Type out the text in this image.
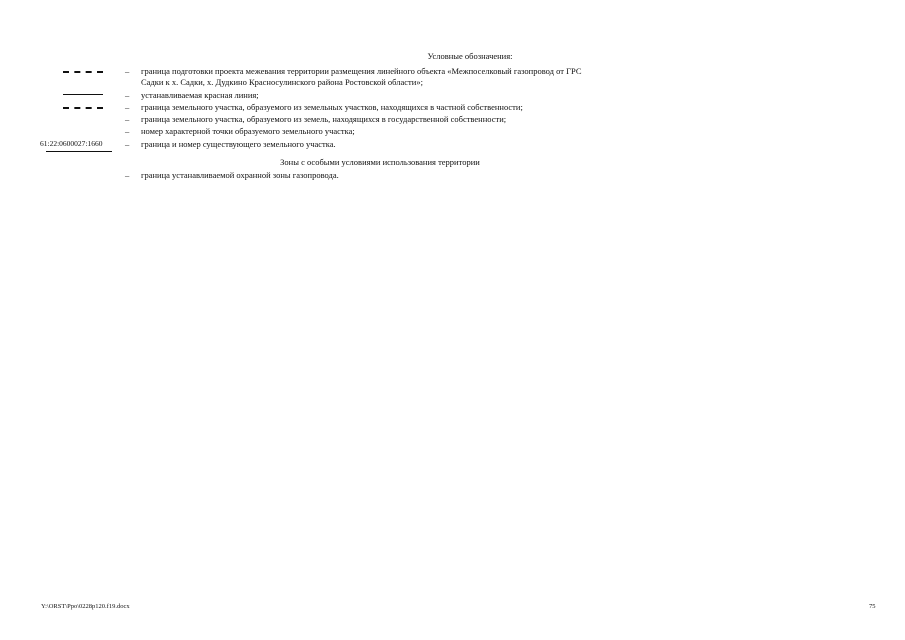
Условные обозначения:
– граница подготовки проекта межевания территории размещения линейного объекта «Межпоселковый газопровод от ГРС
Садки к х. Садки, х. Дудкино Красносулинского района Ростовской области»;
– устанавливаемая красная линия;
– граница земельного участка, образуемого из земельных участков, находящихся в частной собственности;
– граница земельного участка, образуемого из земель, находящихся в государственной собственности;
– номер характерной точки образуемого земельного участка;
61:22:0600027:1660	– граница и номер существующего земельного участка.
Зоны с особыми условиями использования территории
– граница устанавливаемой охранной зоны газопровода.
Y:\ORST\Ppo\0228p120.f19.docx	75
